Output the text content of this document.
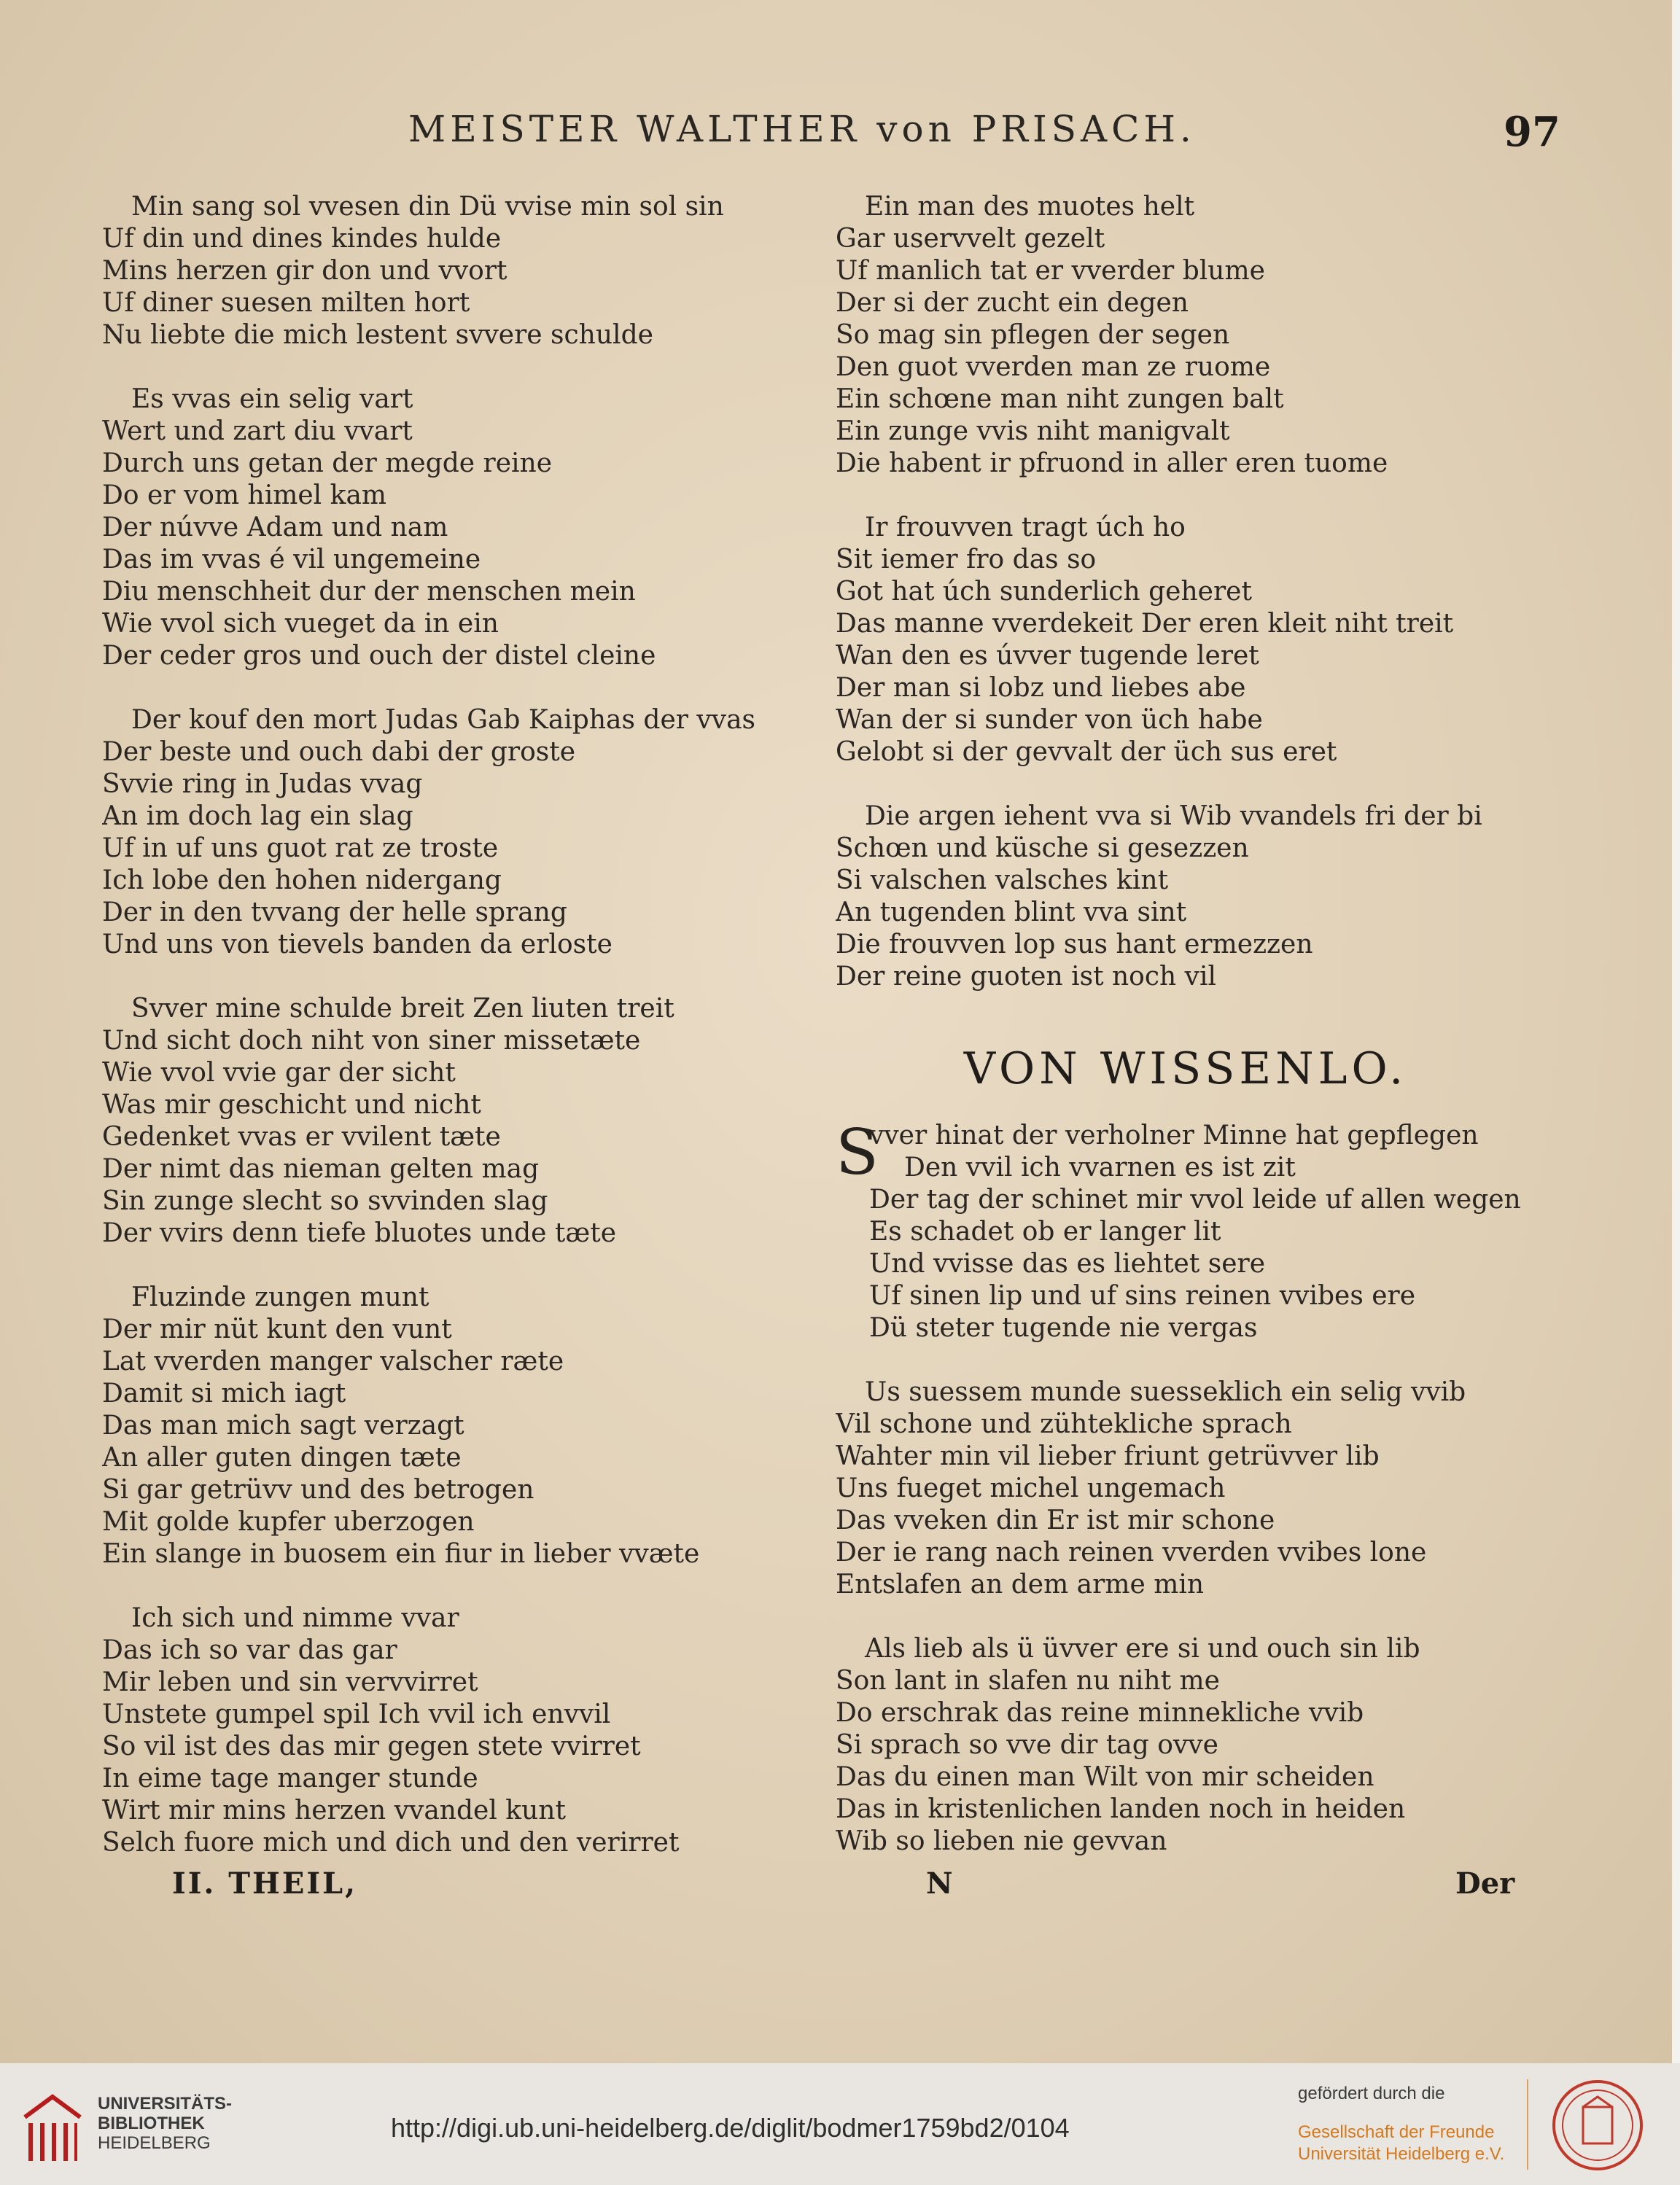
MEISTER WALTHER von PRISACH.	97
Min sang sol vvesen din Dü vvise min sol sin
Uf din und dines kindes hulde
Mins herzen gir don und vvort
Uf diner suesen milten hort
Nu liebte die mich lestent svvere schulde
Es vvas ein selig vart
Wert und zart diu vvart
Durch uns getan der megde reine
Do er vom himel kam
Der núvve Adam und nam
Das im vvas é vil ungemeine
Diu menschheit dur der menschen mein
Wie vvol sich vueget da in ein
Der ceder gros und ouch der distel cleine
Der kouf den mort Judas Gab Kaiphas der vvas
Der beste und ouch dabi der groste
Svvie ring in Judas vvag
An im doch lag ein slag
Uf in uf uns guot rat ze troste
Ich lobe den hohen nidergang
Der in den tvvang der helle sprang
Und uns von tievels banden da erloste
Svver mine schulde breit Zen liuten treit
Und sicht doch niht von siner missetæte
Wie vvol vvie gar der sicht
Was mir geschicht und nicht
Gedenket vvas er vvilent tæte
Der nimt das nieman gelten mag
Sin zunge slecht so svvinden slag
Der vvirs denn tiefe bluotes unde tæte
Fluzinde zungen munt
Der mir nüt kunt den vunt
Lat vverden manger valscher ræte
Damit si mich iagt
Das man mich sagt verzagt
An aller guten dingen tæte
Si gar getrüvv und des betrogen
Mit golde kupfer uberzogen
Ein slange in buosem ein fiur in lieber vvæte
Ich sich und nimme vvar
Das ich so var das gar
Mir leben und sin vervvirret
Unstete gumpel spil Ich vvil ich envvil
So vil ist des das mir gegen stete vvirret
In eime tage manger stunde
Wirt mir mins herzen vvandel kunt
Selch fuore mich und dich und den verirret
Ein man des muotes helt
Gar uservvelt gezelt
Uf manlich tat er vverder blume
Der si der zucht ein degen
So mag sin pflegen der segen
Den guot vverden man ze ruome
Ein schœne man niht zungen balt
Ein zunge vvis niht manigvalt
Die habent ir pfruond in aller eren tuome
Ir frouvven tragt úch ho
Sit iemer fro das so
Got hat úch sunderlich geheret
Das manne vverdekeit Der eren kleit niht treit
Wan den es úvver tugende leret
Der man si lobz und liebes abe
Wan der si sunder von üch habe
Gelobt si der gevvalt der üch sus eret
Die argen iehent vva si Wib vvandels fri der bi
Schœn und küsche si gesezzen
Si valschen valsches kint
An tugenden blint vva sint
Die frouvven lop sus hant ermezzen
Der reine guoten ist noch vil
VON WISSENLO.
S
vver hinat der verholner Minne hat gepflegen
Den vvil ich vvarnen es ist zit
Der tag der schinet mir vvol leide uf allen wegen
Es schadet ob er langer lit
Und vvisse das es liehtet sere
Uf sinen lip und uf sins reinen vvibes ere
Dü steter tugende nie vergas
Us suessem munde suesseklich ein selig vvib
Vil schone und zühtekliche sprach
Wahter min vil lieber friunt getrüvver lib
Uns fueget michel ungemach
Das vveken din Er ist mir schone
Der ie rang nach reinen vverden vvibes lone
Entslafen an dem arme min
Als lieb als ü üvver ere si und ouch sin lib
Son lant in slafen nu niht me
Do erschrak das reine minnekliche vvib
Si sprach so vve dir tag ovve
Das du einen man Wilt von mir scheiden
Das in kristenlichen landen noch in heiden
Wib so lieben nie gevvan
II. THEIL,	N	Der
UNIVERSITÄTS-
BIBLIOTHEK
HEIDELBERG
http://digi.ub.uni-heidelberg.de/diglit/bodmer1759bd2/0104
gefördert durch die
Gesellschaft der Freunde
Universität Heidelberg e.V.
